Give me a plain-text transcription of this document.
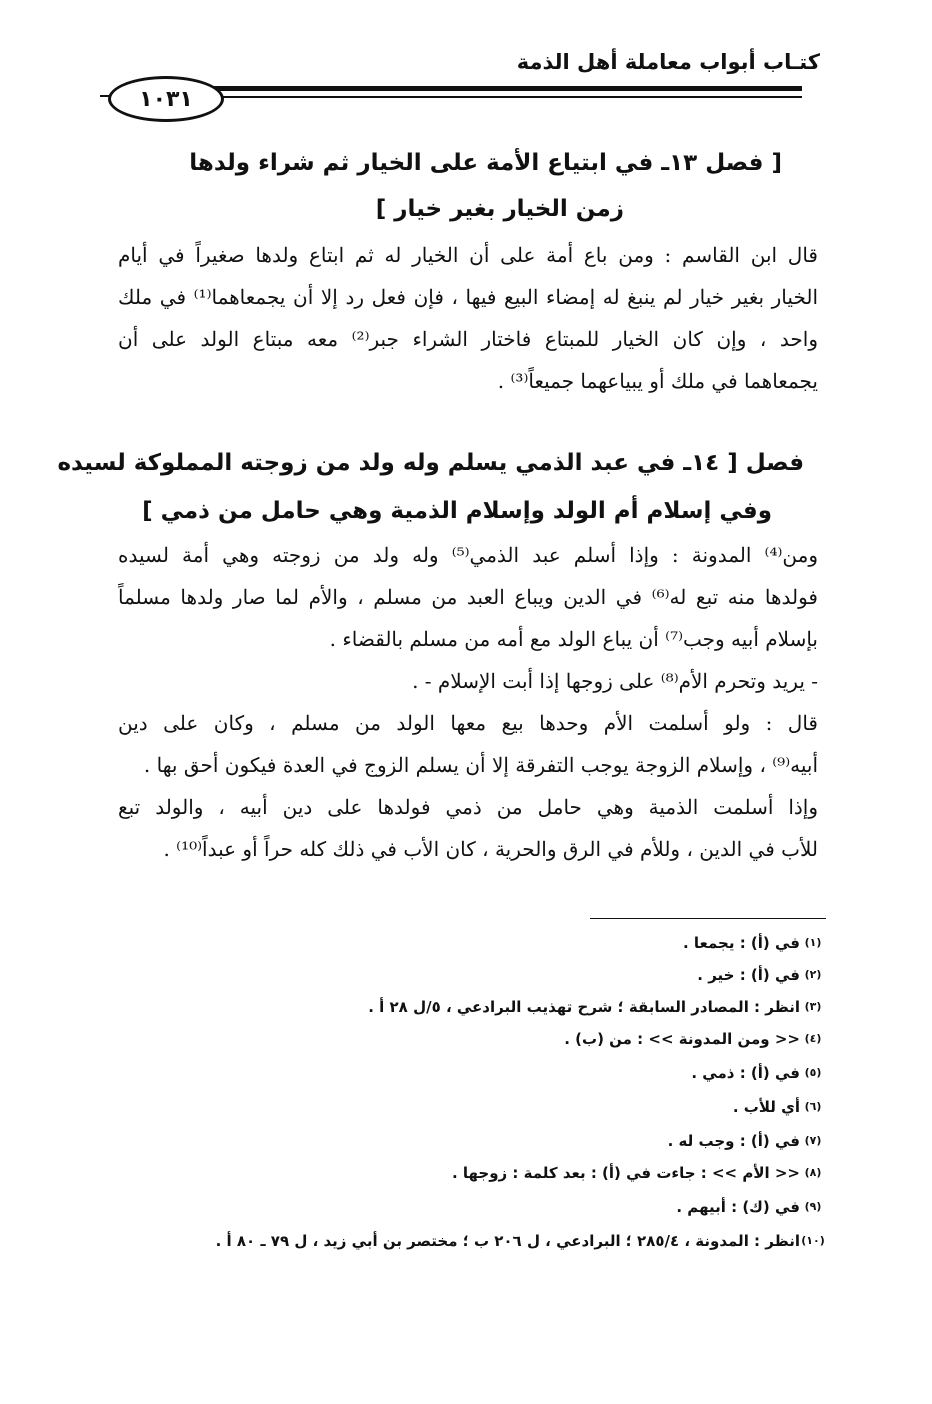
كتـاب أبواب معاملة أهل الذمة
١٠٣١
[ فصل ١٣ـ في ابتياع الأمة على الخيار ثم شراء ولدها
زمن الخيار بغير خيار ]
قال ابن القاسم : ومن باع أمة على أن الخيار له ثم ابتاع ولدها صغيراً في أيام
الخيار بغير خيار لم ينبغ له إمضاء البيع فيها ، فإن فعل رد إلا أن يجمعاهما⁽¹⁾ في ملك
واحد ، وإن كان الخيار للمبتاع فاختار الشراء جبر⁽²⁾ معه مبتاع الولد على أن
يجمعاهما في ملك أو يبياعهما جميعاً⁽³⁾ .
فصل [ ١٤ـ في عبد الذمي يسلم وله ولد من زوجته المملوكة لسيده
وفي إسلام أم الولد وإسلام الذمية وهي حامل من ذمي ]
ومن⁽⁴⁾ المدونة : وإذا أسلم عبد الذمي⁽⁵⁾ وله ولد من زوجته وهي أمة لسيده
فولدها منه تبع له⁽⁶⁾ في الدين ويباع العبد من مسلم ، والأم لما صار ولدها مسلماً
بإسلام أبيه وجب⁽⁷⁾ أن يباع الولد مع أمه من مسلم بالقضاء .
- يريد وتحرم الأم⁽⁸⁾ على زوجها إذا أبت الإسلام - .
قال : ولو أسلمت الأم وحدها بيع معها الولد من مسلم ، وكان على دين
أبيه⁽⁹⁾ ، وإسلام الزوجة يوجب التفرقة إلا أن يسلم الزوج في العدة فيكون أحق بها .
وإذا أسلمت الذمية وهي حامل من ذمي فولدها على دين أبيه ، والولد تبع
للأب في الدين ، وللأم في الرق والحرية ، كان الأب في ذلك كله حراً أو عبداً⁽¹⁰⁾ .
(١)في (أ) : يجمعا .
(٢)في (أ) : خير .
(٣)انظر : المصادر السابقة ؛ شرح تهذيب البرادعي ، ٥/ل ٢٨ أ .
(٤)<< ومن المدونة >> : من (ب) .
(٥)في (أ) : ذمي .
(٦)أي للأب .
(٧)في (أ) : وجب له .
(٨)<< الأم >> : جاءت في (أ) : بعد كلمة : زوجها .
(٩)في (ك) : أبيهم .
(١٠)انظر : المدونة ، ٢٨٥/٤ ؛ البرادعي ، ل ٢٠٦ ب ؛ مختصر بن أبي زيد ، ل ٧٩ ـ ٨٠ أ .
